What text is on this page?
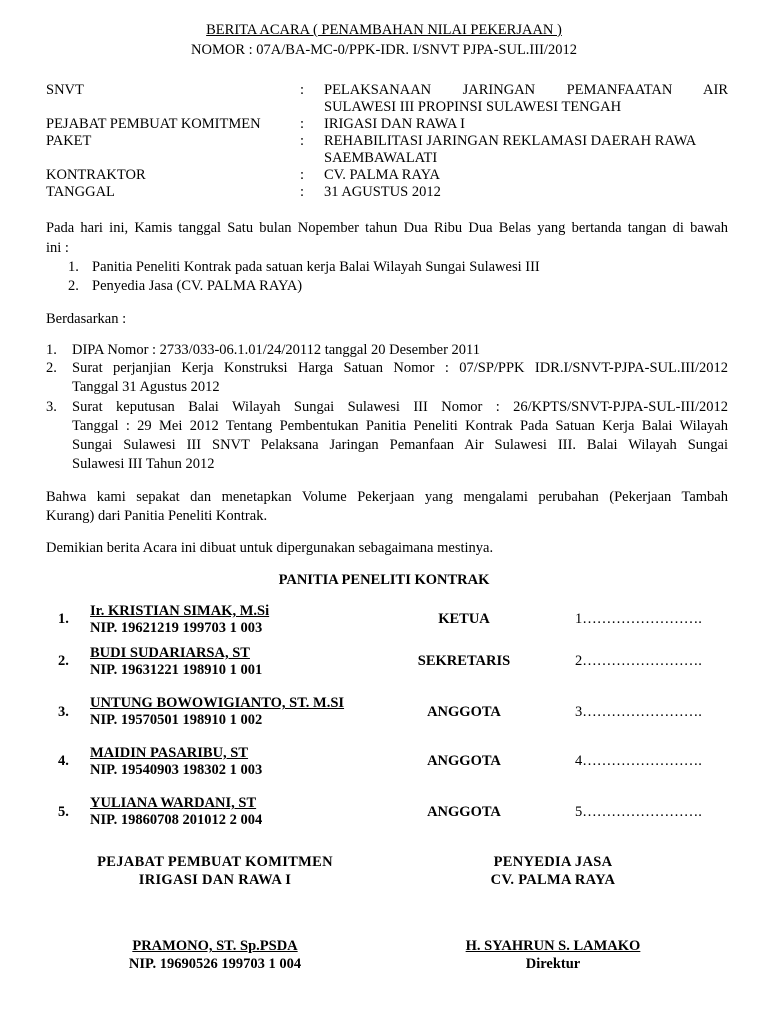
BERITA ACARA ( PENAMBAHAN NILAI PEKERJAAN )
NOMOR : 07A/BA-MC-0/PPK-IDR. I/SNVT PJPA-SUL.III/2012
SNVT	: PELAKSANAAN JARINGAN PEMANFAATAN AIR
SULAWESI III PROPINSI SULAWESI TENGAH
PEJABAT PEMBUAT KOMITMEN	: IRIGASI DAN RAWA I
PAKET	: REHABILITASI JARINGAN REKLAMASI DAERAH RAWA
SAEMBAWALATI
KONTRAKTOR	: CV. PALMA RAYA
TANGGAL	: 31 AGUSTUS 2012
Pada hari ini, Kamis tanggal Satu bulan Nopember tahun Dua Ribu Dua Belas yang bertanda tangan di bawah
ini :
1. Panitia Peneliti Kontrak pada satuan kerja Balai Wilayah Sungai Sulawesi III
2. Penyedia Jasa (CV. PALMA RAYA)
Berdasarkan :
1. DIPA Nomor : 2733/033-06.1.01/24/20112 tanggal 20 Desember 2011
2. Surat perjanjian Kerja Konstruksi Harga Satuan Nomor : 07/SP/PPK IDR.I/SNVT-PJPA-SUL.III/2012
Tanggal 31 Agustus 2012
3. Surat keputusan Balai Wilayah Sungai Sulawesi III Nomor : 26/KPTS/SNVT-PJPA-SUL-III/2012
Tanggal : 29 Mei 2012 Tentang Pembentukan Panitia Peneliti Kontrak Pada Satuan Kerja Balai Wilayah
Sungai Sulawesi III SNVT Pelaksana Jaringan Pemanfaan Air Sulawesi III. Balai Wilayah Sungai
Sulawesi III Tahun 2012
Bahwa kami sepakat dan menetapkan Volume Pekerjaan yang mengalami perubahan (Pekerjaan Tambah
Kurang) dari Panitia Peneliti Kontrak.
Demikian berita Acara ini dibuat untuk dipergunakan sebagaimana mestinya.
PANITIA PENELITI KONTRAK
1. Ir. KRISTIAN SIMAK, M.Si
NIP. 19621219 199703 1 003
KETUA	1…………………….
2. BUDI SUDARIARSA, ST
NIP. 19631221 198910 1 001
SEKRETARIS	2…………………….
3.
UNTUNG BOWOWIGIANTO, ST. M.SI
NIP. 19570501 198910 1 002	ANGGOTA	3…………………….
4. MAIDIN PASARIBU, ST
NIP. 19540903 198302 1 003
ANGGOTA	4…………………….
5.
YULIANA WARDANI, ST
NIP. 19860708 201012 2 004	ANGGOTA	5…………………….
PEJABAT PEMBUAT KOMITMEN
IRIGASI DAN RAWA I
PRAMONO, ST. Sp.PSDA
NIP. 19690526 199703 1 004
PENYEDIA JASA
CV. PALMA RAYA
H. SYAHRUN S. LAMAKO
Direktur
